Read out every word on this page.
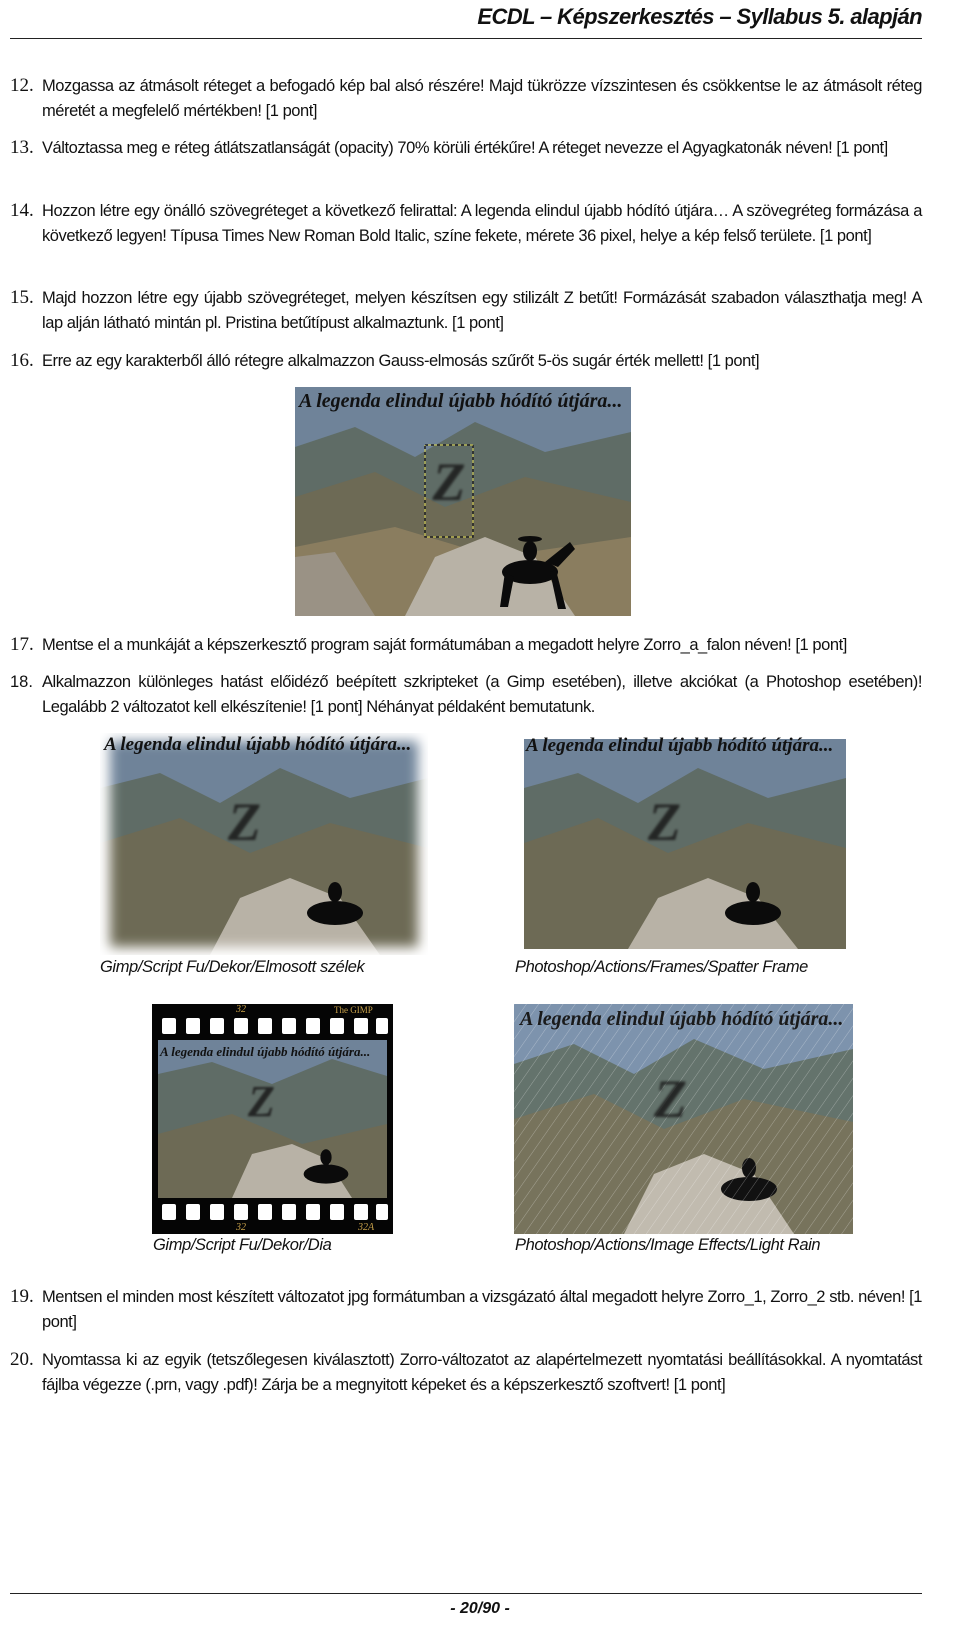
ECDL – Képszerkesztés – Syllabus 5. alapján
12. Mozgassa az átmásolt réteget a befogadó kép bal alsó részére! Majd tükrözze vízszintesen és csökkentse le az átmásolt réteg méretét a megfelelő mértékben! [1 pont]
13. Változtassa meg e réteg átlátszatlanságát (opacity) 70% körüli értékűre! A réteget nevezze el Agyagkatonák néven! [1 pont]
14. Hozzon létre egy önálló szövegréteget a következő felirattal: A legenda elindul újabb hódító útjára… A szövegréteg formázása a következő legyen! Típusa Times New Roman Bold Italic, színe fekete, mérete 36 pixel, helye a kép felső területe. [1 pont]
15. Majd hozzon létre egy újabb szövegréteget, melyen készítsen egy stilizált Z betűt! Formázását szabadon választhatja meg! A lap alján látható mintán pl. Pristina betűtípust alkalmaztunk. [1 pont]
16. Erre az egy karakterből álló rétegre alkalmazzon Gauss-elmosás szűrőt 5-ös sugár érték mellett! [1 pont]
A legenda elindul újabb hódító útjára...
Z
17. Mentse el a munkáját a képszerkesztő program saját formátumában a megadott helyre Zorro_a_falon néven! [1 pont]
18. Alkalmazzon különleges hatást előidéző beépített szkripteket (a Gimp esetében), illetve akciókat (a Photoshop esetében)! Legalább 2 változatot kell elkészítenie! [1 pont] Néhányat példaként bemutatunk.
A legenda elindul újabb hódító útjára...
Z
Gimp/Script Fu/Dekor/Elmosott szélek
A legenda elindul újabb hódító útjára...
Z
Photoshop/Actions/Frames/Spatter Frame
32	The GIMP
A legenda elindul újabb hódító útjára...
Z
32	32A
Gimp/Script Fu/Dekor/Dia
A legenda elindul újabb hódító útjára...
Z
Photoshop/Actions/Image Effects/Light Rain
19. Mentsen el minden most készített változatot jpg formátumban a vizsgázató által megadott helyre Zorro_1, Zorro_2 stb. néven! [1 pont]
20. Nyomtassa ki az egyik (tetszőlegesen kiválasztott) Zorro-változatot az alapértelmezett nyomtatási beállításokkal. A nyomtatást fájlba végezze (.prn, vagy .pdf)! Zárja be a megnyitott képeket és a képszerkesztő szoftvert! [1 pont]
- 20/90 -
